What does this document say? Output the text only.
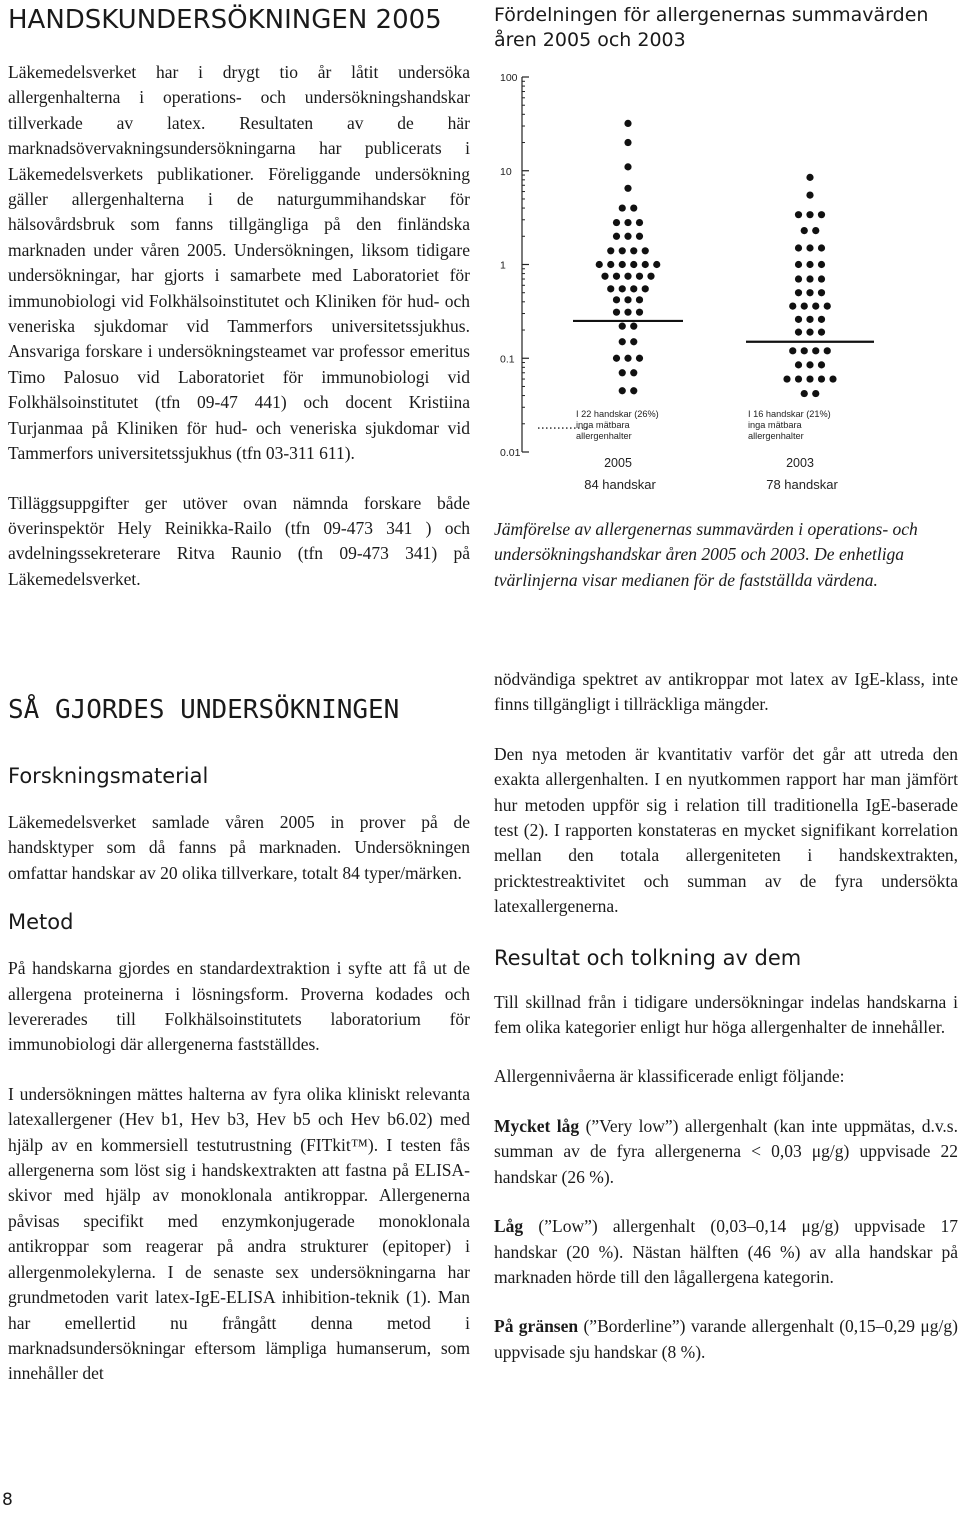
HANDSKUNDERSÖKNINGEN 2005

Läkemedelsverket har i drygt tio år låtit undersöka allergenhalterna i operations- och undersökningshandskar tillverkade av latex. Resultaten av de här marknadsövervakningsundersökningarna har publicerats i Läkemedelsverkets publikationer. Föreliggande undersökning gäller allergenhalterna i de naturgummihandskar för hälsovårdsbruk som fanns tillgängliga på den finländska marknaden under våren 2005. Undersökningen, liksom tidigare undersökningar, har gjorts i samarbete med Laboratoriet för immunobiologi vid Folkhälsoinstitutet och Kliniken för hud- och veneriska sjukdomar vid Tammerfors universitetssjukhus. Ansvariga forskare i undersökningsteamet var professor emeritus Timo Palosuo vid Laboratoriet för immunobiologi vid Folkhälsoinstitutet (tfn 09-47 441) och docent Kristiina Turjanmaa på Kliniken för hud- och veneriska sjukdomar vid Tammerfors universitetssjukhus (tfn 03-311 611).

Tilläggsuppgifter ger utöver ovan nämnda forskare både överinspektör Hely Reinikka-Railo (tfn 09-473 341 ) och avdelningssekreterare Ritva Raunio (tfn 09-473 341) på Läkemedelsverket.

SÅ GJORDES UNDERSÖKNINGEN
Forskningsmaterial

Läkemedelsverket samlade våren 2005 in prover på de handsktyper som då fanns på marknaden. Undersökningen omfattar handskar av 20 olika tillverkare, totalt 84 typer/märken.

Metod

På handskarna gjordes en standardextraktion i syfte att få ut de allergena proteinerna i lösningsform. Proverna kodades och levererades till Folkhälsoinstitutets laboratorium för immunobiologi där allergenerna fastställdes.

I undersökningen mättes halterna av fyra olika kliniskt relevanta latexallergener (Hev b1, Hev b3, Hev b5 och Hev b6.02) med hjälp av en kommersiell testutrustning (FITkit™). I testen fås allergenerna som löst sig i handskextrakten att fastna på ELISA-skivor med hjälp av monoklonala antikroppar. Allergenerna påvisas specifikt med enzymkonjugerade monoklonala antikroppar som reagerar på andra strukturer (epitoper) i allergenmolekylerna. I de senaste sex undersökningarna har grundmetoden varit latex-IgE-ELISA inhibition-teknik (1). Man har emellertid nu frångått denna metod i marknadsundersökningar eftersom lämpliga humanserum, som innehåller det

Fördelningen för allergenernas summavärden åren 2005 och 2003
100
10
1
0.1
0.01
I 22 handskar (26%)
inga mätbara
allergenhalter
2005
84 handskar
I 16 handskar (21%)
inga mätbara
allergenhalter
2003
78 handskar
Jämförelse av allergenernas summavärden i operations- och undersökningshandskar åren 2005 och 2003. De enhetliga tvärlinjerna visar medianen för de fastställda värdena.

nödvändiga spektret av antikroppar mot latex av IgE-klass, inte finns tillgängligt i tillräckliga mängder.

Den nya metoden är kvantitativ varför det går att utreda den exakta allergenhalten. I en nyutkommen rapport har man jämfört hur metoden uppför sig i relation till traditionella IgE-baserade test (2). I rapporten konstateras en mycket signifikant korrelation mellan den totala allergeniteten i handskextrakten, pricktestreaktivitet och summan av de fyra undersökta latexallergenerna.

Resultat och tolkning av dem

Till skillnad från i tidigare undersökningar indelas handskarna i fem olika kategorier enligt hur höga allergenhalter de innehåller.

Allergennivåerna är klassificerade enligt följande:

Mycket låg (”Very low”) allergenhalt (kan inte uppmätas, d.v.s. summan av de fyra allergenerna < 0,03 μg/g) uppvisade 22 handskar (26 %).

Låg (”Low”) allergenhalt (0,03–0,14 μg/g) uppvisade 17 handskar (20 %). Nästan hälften (46 %) av alla handskar på marknaden hörde till den lågallergena kategorin.

På gränsen (”Borderline”) varande allergenhalt (0,15–0,29 μg/g) uppvisade sju handskar (8 %).

8
